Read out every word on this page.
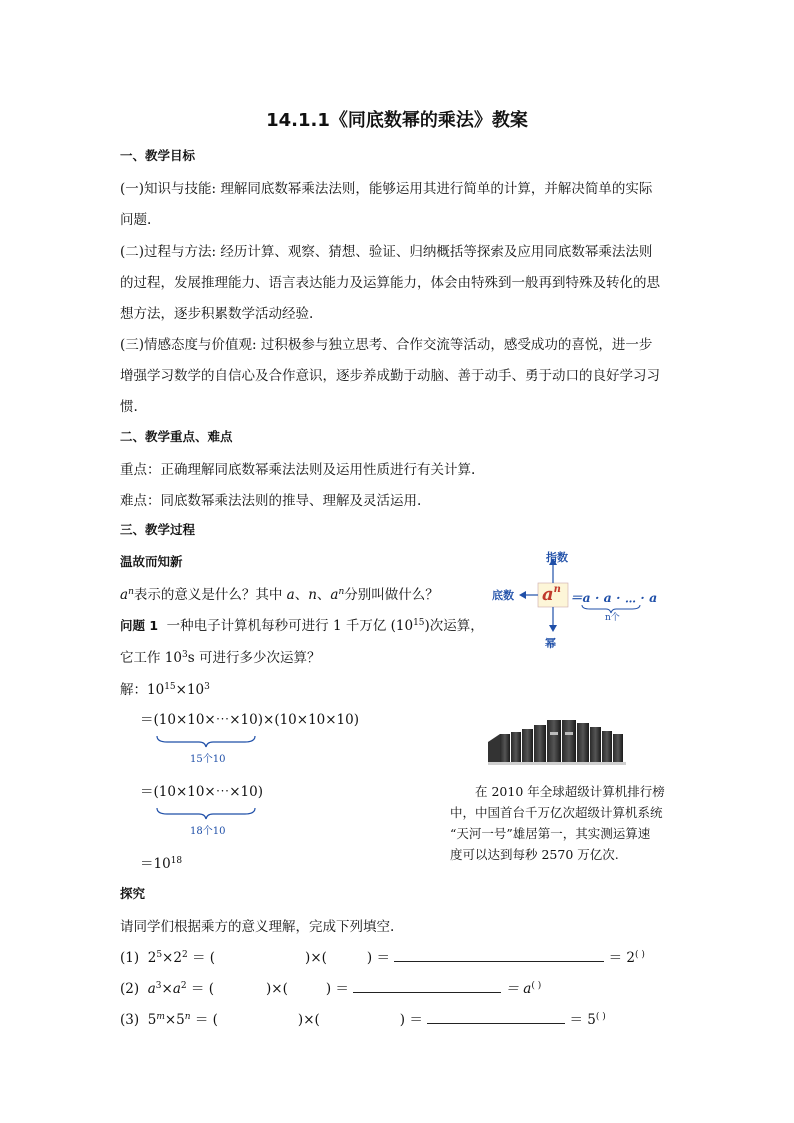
14.1.1《同底数幂的乘法》教案
一、教学目标
(一)知识与技能: 理解同底数幂乘法法则，能够运用其进行简单的计算，并解决简单的实际
问题.
(二)过程与方法: 经历计算、观察、猜想、验证、归纳概括等探索及应用同底数幂乘法法则
的过程，发展推理能力、语言表达能力及运算能力，体会由特殊到一般再到特殊及转化的思
想方法，逐步积累数学活动经验.
(三)情感态度与价值观: 过积极参与独立思考、合作交流等活动，感受成功的喜悦，进一步
增强学习数学的自信心及合作意识，逐步养成勤于动脑、善于动手、勇于动口的良好学习习
惯.
二、教学重点、难点
重点：正确理解同底数幂乘法法则及运用性质进行有关计算.
难点：同底数幂乘法法则的推导、理解及灵活运用.
三、教学过程
温故而知新
$a^n$表示的意义是什么？其中 a、n、$a^n$分别叫做什么？
问题 1 一种电子计算机每秒可进行 1 千万亿 $(10^{15})$次运算，
它工作 $10^3s$ 可进行多少次运算？
解：$10^{15}\times 10^3$
＝(10×10×⋯×10)×(10×10×10)
15个10
＝(10×10×⋯×10)
18个10
$=10^{18}$
探究
请同学们根据乘方的意义理解，完成下列填空.
(1) $2^5\times 2^2$ ＝ (	)×(	) ＝	＝ 2( )
(2) $a^3\times a^2$ ＝ (	)×(	) ＝	＝ a( )
(3) $5^m\times 5^n$ ＝ (	)×(	) ＝	＝ 5( )
指数
底数
幂
$a^n$
＝a · a · ⋯ · a
n个
在 2010 年全球超级计算机排行榜
中，中国首台千万亿次超级计算机系统
“天河一号”雄居第一，其实测运算速
度可以达到每秒 2570 万亿次.
